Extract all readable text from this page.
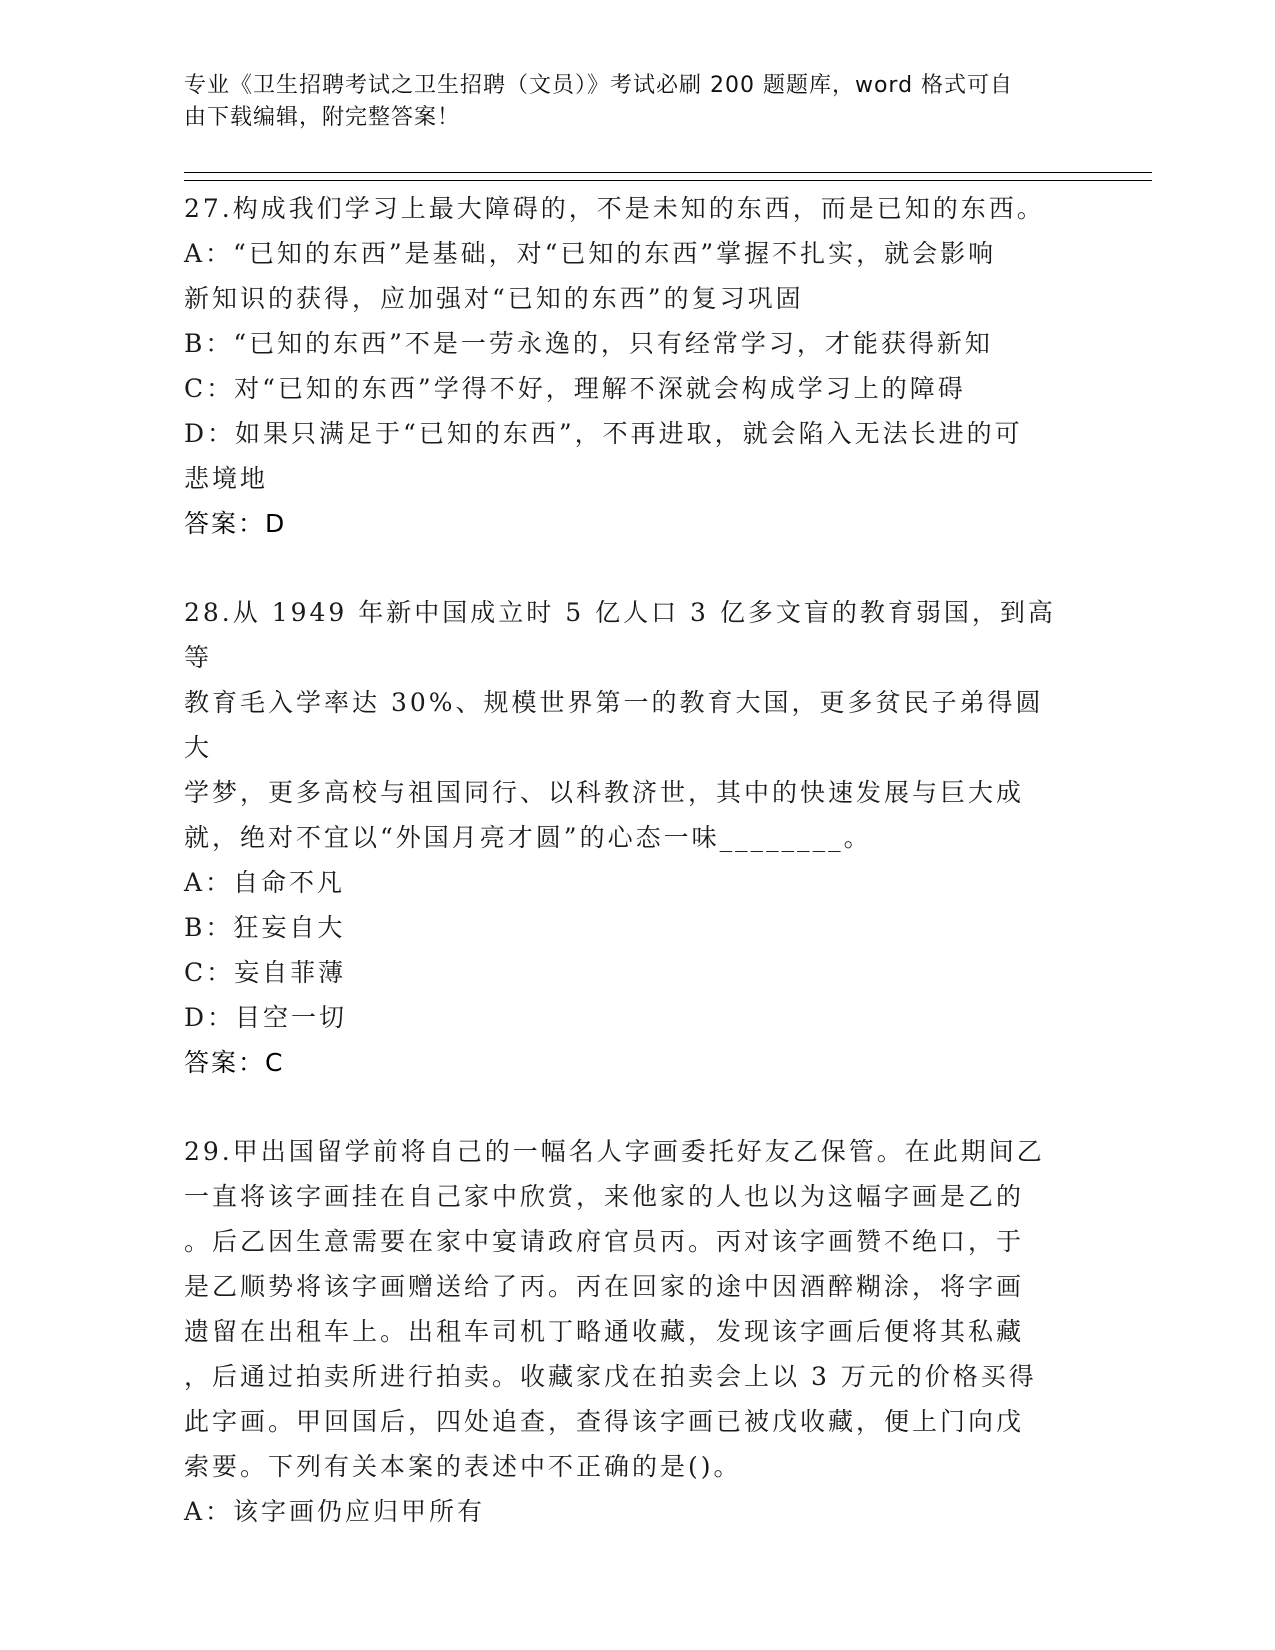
专业《卫生招聘考试之卫生招聘（文员）》考试必刷 200 题题库，word 格式可自
由下载编辑，附完整答案！
27.构成我们学习上最大障碍的，不是未知的东西，而是已知的东西。
A：“已知的东西”是基础，对“已知的东西”掌握不扎实，就会影响
新知识的获得，应加强对“已知的东西”的复习巩固
B：“已知的东西”不是一劳永逸的，只有经常学习，才能获得新知
C：对“已知的东西”学得不好，理解不深就会构成学习上的障碍
D：如果只满足于“已知的东西”，不再进取，就会陷入无法长进的可
悲境地
答案：D
28.从 1949 年新中国成立时 5 亿人口 3 亿多文盲的教育弱国，到高等
教育毛入学率达 30%、规模世界第一的教育大国，更多贫民子弟得圆大
学梦，更多高校与祖国同行、以科教济世，其中的快速发展与巨大成
就，绝对不宜以“外国月亮才圆”的心态一味________。
A：自命不凡
B：狂妄自大
C：妄自菲薄
D：目空一切
答案：C
29.甲出国留学前将自己的一幅名人字画委托好友乙保管。在此期间乙
一直将该字画挂在自己家中欣赏，来他家的人也以为这幅字画是乙的
。后乙因生意需要在家中宴请政府官员丙。丙对该字画赞不绝口，于
是乙顺势将该字画赠送给了丙。丙在回家的途中因酒醉糊涂，将字画
遗留在出租车上。出租车司机丁略通收藏，发现该字画后便将其私藏
，后通过拍卖所进行拍卖。收藏家戊在拍卖会上以 3 万元的价格买得
此字画。甲回国后，四处追查，查得该字画已被戊收藏，便上门向戊
索要。下列有关本案的表述中不正确的是()。
A：该字画仍应归甲所有
